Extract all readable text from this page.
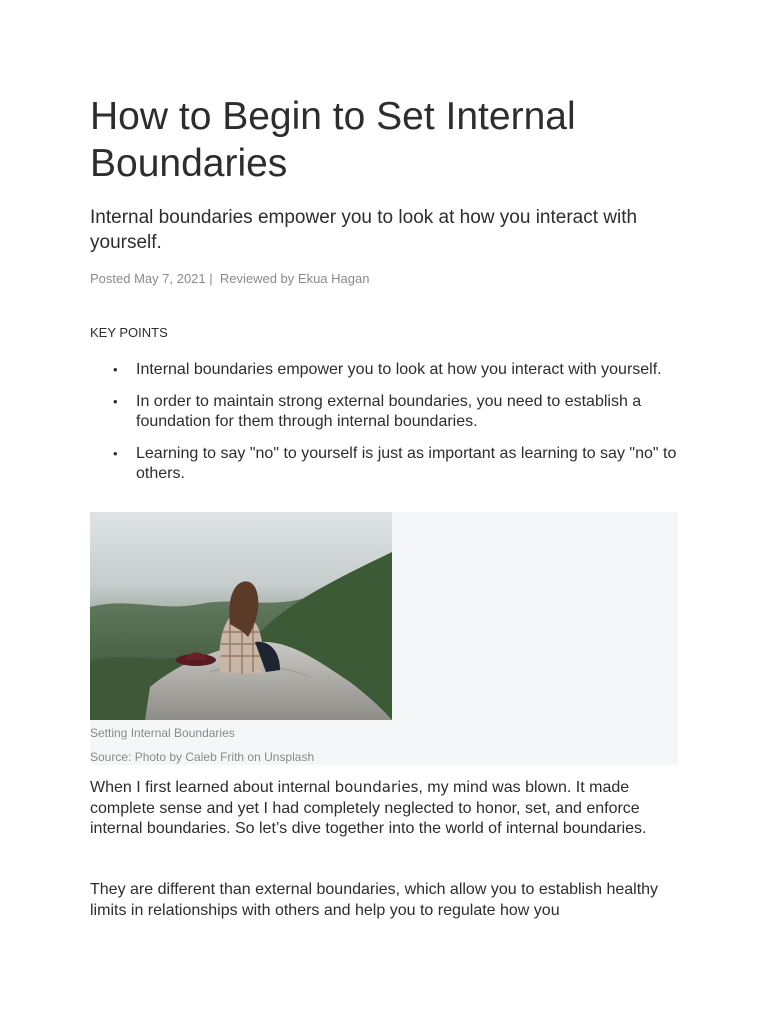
How to Begin to Set Internal Boundaries

Internal boundaries empower you to look at how you interact with yourself.

Posted May 7, 2021 |  Reviewed by Ekua Hagan
KEY POINTS
• Internal boundaries empower you to look at how you interact with yourself.
• In order to maintain strong external boundaries, you need to establish a foundation for them through internal boundaries.
• Learning to say "no" to yourself is just as important as learning to say "no" to others.
Setting Internal Boundaries
Source: Photo by Caleb Frith on Unsplash

When I first learned about internal boundaries, my mind was blown. It made complete sense and yet I had completely neglected to honor, set, and enforce internal boundaries. So let’s dive together into the world of internal boundaries.

They are different than external boundaries, which allow you to establish healthy limits in relationships with others and help you to regulate how you
